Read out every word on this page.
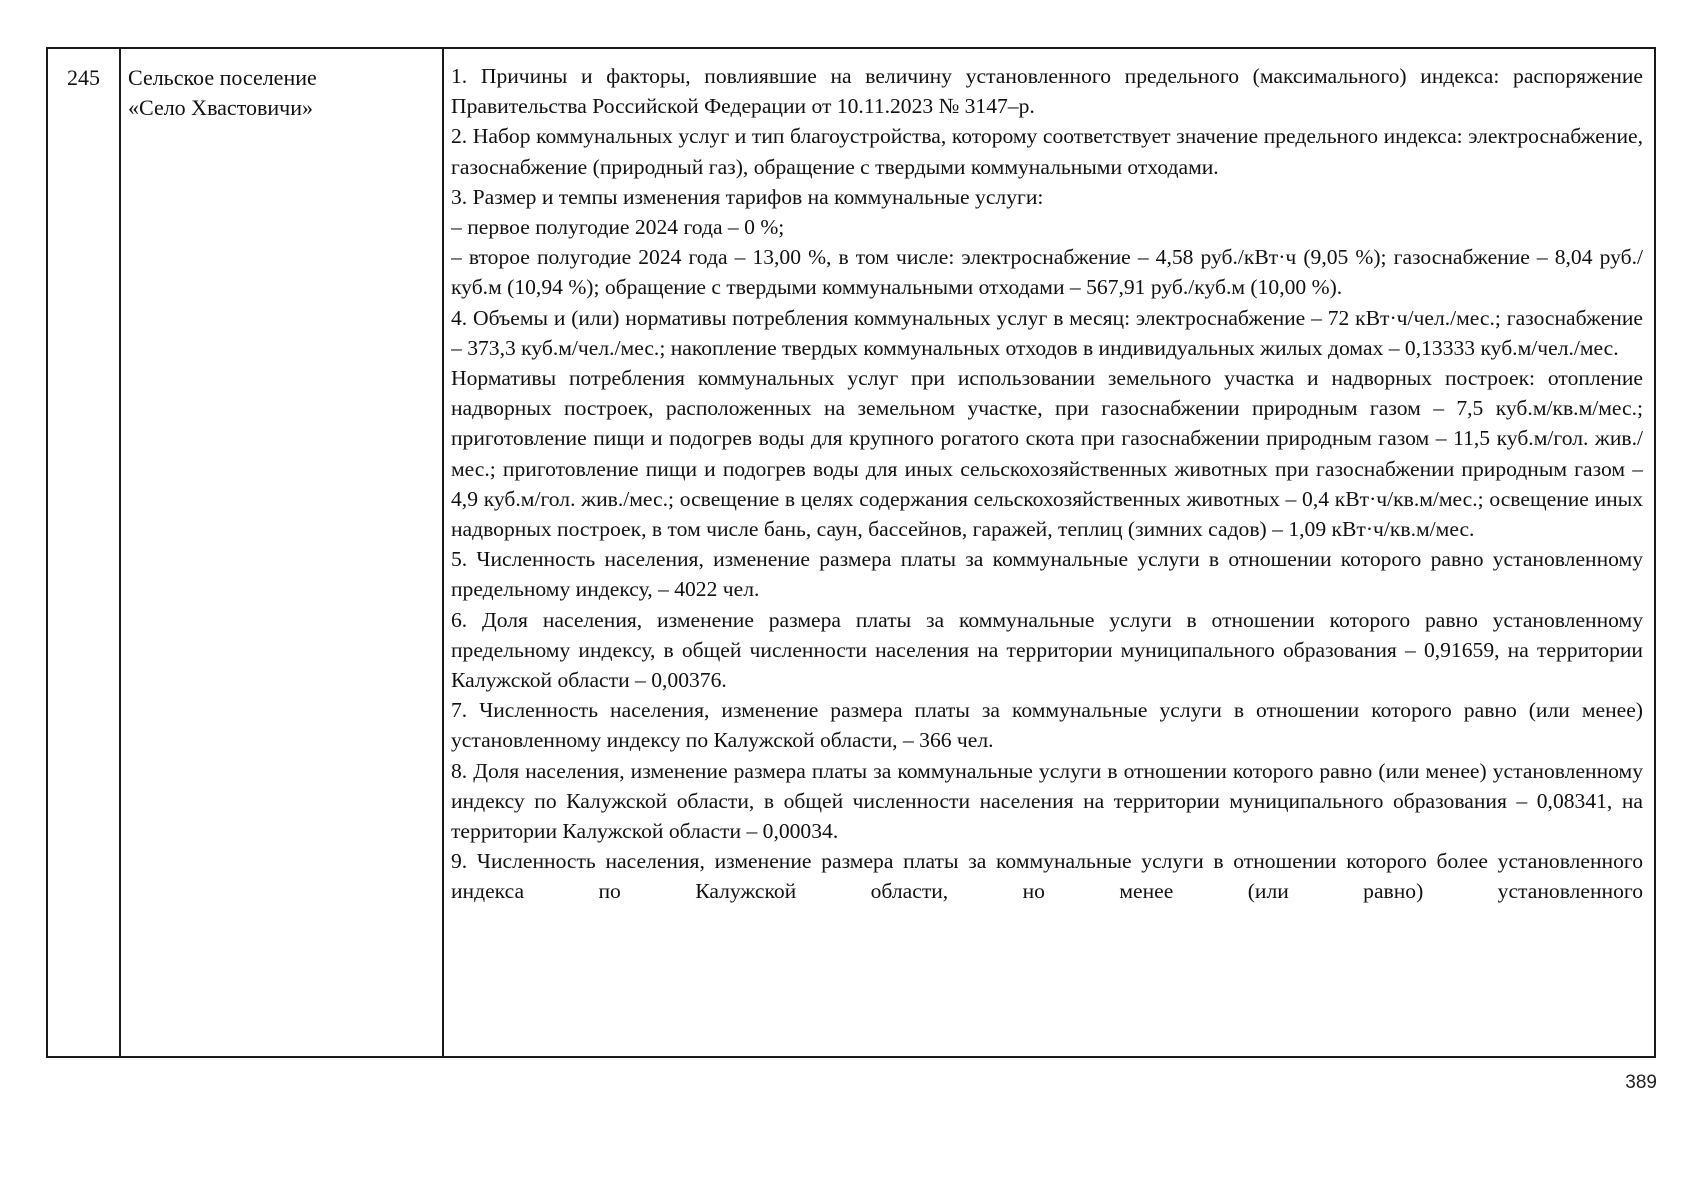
245	Сельское поселение
«Село Хвастовичи»

1. Причины и факторы, повлиявшие на величину установленного предельного (максимального) индекса: распоряжение Правительства Российской Федерации от 10.11.2023 № 3147–р.

2. Набор коммунальных услуг и тип благоустройства, которому соответствует значение предельного индекса: электроснабжение, газоснабжение (природный газ), обращение с твердыми коммунальными отходами.

3. Размер и темпы изменения тарифов на коммунальные услуги:

– первое полугодие 2024 года – 0 %;

– второе полугодие 2024 года – 13,00 %, в том числе: электроснабжение – 4,58 руб./кВт·ч (9,05 %); газоснабжение – 8,04 руб./куб.м (10,94 %); обращение с твердыми коммунальными отходами – 567,91 руб./куб.м (10,00 %).

4. Объемы и (или) нормативы потребления коммунальных услуг в месяц: электроснабжение – 72 кВт·ч/чел./мес.; газоснабжение – 373,3 куб.м/чел./мес.; накопление твердых коммунальных отходов в индивидуальных жилых домах – 0,13333 куб.м/чел./мес.

Нормативы потребления коммунальных услуг при использовании земельного участка и надворных построек: отопление надворных построек, расположенных на земельном участке, при газоснабжении природным газом – 7,5 куб.м/кв.м/мес.; приготовление пищи и подогрев воды для крупного рогатого скота при газоснабжении природным газом – 11,5 куб.м/гол. жив./мес.; приготовление пищи и подогрев воды для иных сельскохозяйственных животных при газоснабжении природным газом – 4,9 куб.м/гол. жив./мес.; освещение в целях содержания сельскохозяйственных животных – 0,4 кВт·ч/кв.м/мес.; освещение иных надворных построек, в том числе бань, саун, бассейнов, гаражей, теплиц (зимних садов) – 1,09 кВт·ч/кв.м/мес.

5. Численность населения, изменение размера платы за коммунальные услуги в отношении которого равно установленному предельному индексу, – 4022 чел.

6. Доля населения, изменение размера платы за коммунальные услуги в отношении которого равно установленному предельному индексу, в общей численности населения на территории муниципального образования – 0,91659, на территории Калужской области – 0,00376.

7. Численность населения, изменение размера платы за коммунальные услуги в отношении которого равно (или менее) установленному индексу по Калужской области, – 366 чел.

8. Доля населения, изменение размера платы за коммунальные услуги в отношении которого равно (или менее) установленному индексу по Калужской области, в общей численности населения на территории муниципального образования – 0,08341, на территории Калужской области – 0,00034.

9. Численность населения, изменение размера платы за коммунальные услуги в отношении которого более установленного индекса по Калужской области, но менее (или равно) установленного

389
